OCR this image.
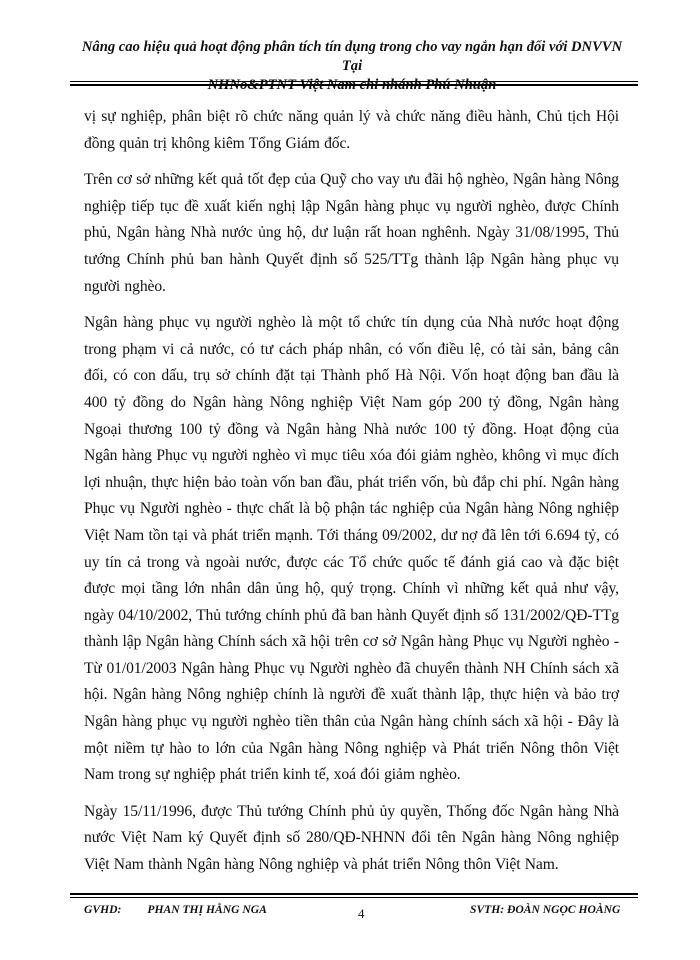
Nâng cao hiệu quả hoạt động phân tích tín dụng trong cho vay ngắn hạn đối với DNVVN Tại
NHNo&PTNT Việt Nam chi nhánh Phú Nhuận

vị sự nghiệp, phân biệt rõ chức năng quản lý và chức năng điều hành, Chủ tịch Hội đồng quản trị không kiêm Tổng Giám đốc.

Trên cơ sở những kết quả tốt đẹp của Quỹ cho vay ưu đãi hộ nghèo, Ngân hàng Nông nghiệp tiếp tục đề xuất kiến nghị lập Ngân hàng phục vụ người nghèo, được Chính phủ, Ngân hàng Nhà nước ủng hộ, dư luận rất hoan nghênh. Ngày 31/08/1995, Thủ tướng Chính phủ ban hành Quyết định số 525/TTg thành lập Ngân hàng phục vụ người nghèo.

Ngân hàng phục vụ người nghèo là một tổ chức tín dụng của Nhà nước hoạt động trong phạm vi cả nước, có tư cách pháp nhân, có vốn điều lệ, có tài sản, bảng cân đối, có con dấu, trụ sở chính đặt tại Thành phố Hà Nội. Vốn hoạt động ban đầu là 400 tỷ đồng do Ngân hàng Nông nghiệp Việt Nam góp 200 tỷ đồng, Ngân hàng Ngoại thương 100 tỷ đồng và Ngân hàng Nhà nước 100 tỷ đồng. Hoạt động của Ngân hàng Phục vụ người nghèo vì mục tiêu xóa đói giảm nghèo, không vì mục đích lợi nhuận, thực hiện bảo toàn vốn ban đầu, phát triển vốn, bù đắp chi phí. Ngân hàng Phục vụ Người nghèo - thực chất là bộ phận tác nghiệp của Ngân hàng Nông nghiệp Việt Nam tồn tại và phát triển mạnh. Tới tháng 09/2002, dư nợ đã lên tới 6.694 tỷ, có uy tín cả trong và ngoài nước, được các Tổ chức quốc tế đánh giá cao và đặc biệt được mọi tầng lớn nhân dân ủng hộ, quý trọng. Chính vì những kết quả như vậy, ngày 04/10/2002, Thủ tướng chính phủ đã ban hành Quyết định số 131/2002/QĐ-TTg thành lập Ngân hàng Chính sách xã hội trên cơ sở Ngân hàng Phục vụ Người nghèo - Từ 01/01/2003 Ngân hàng Phục vụ Người nghèo đã chuyển thành NH Chính sách xã hội. Ngân hàng Nông nghiệp chính là người đề xuất thành lập, thực hiện và bảo trợ Ngân hàng phục vụ người nghèo tiền thân của Ngân hàng chính sách xã hội - Đây là một niềm tự hào to lớn của Ngân hàng Nông nghiệp và Phát triển Nông thôn Việt Nam trong sự nghiệp phát triển kinh tế, xoá đói giảm nghèo.

Ngày 15/11/1996, được Thủ tướng Chính phủ ủy quyền, Thống đốc Ngân hàng Nhà nước Việt Nam ký Quyết định số 280/QĐ-NHNN đổi tên Ngân hàng Nông nghiệp Việt Nam thành Ngân hàng Nông nghiệp và phát triển Nông thôn Việt Nam.

GVHD: PHAN THỊ HẰNG NGA	4	SVTH: ĐOÀN NGỌC HOÀNG
